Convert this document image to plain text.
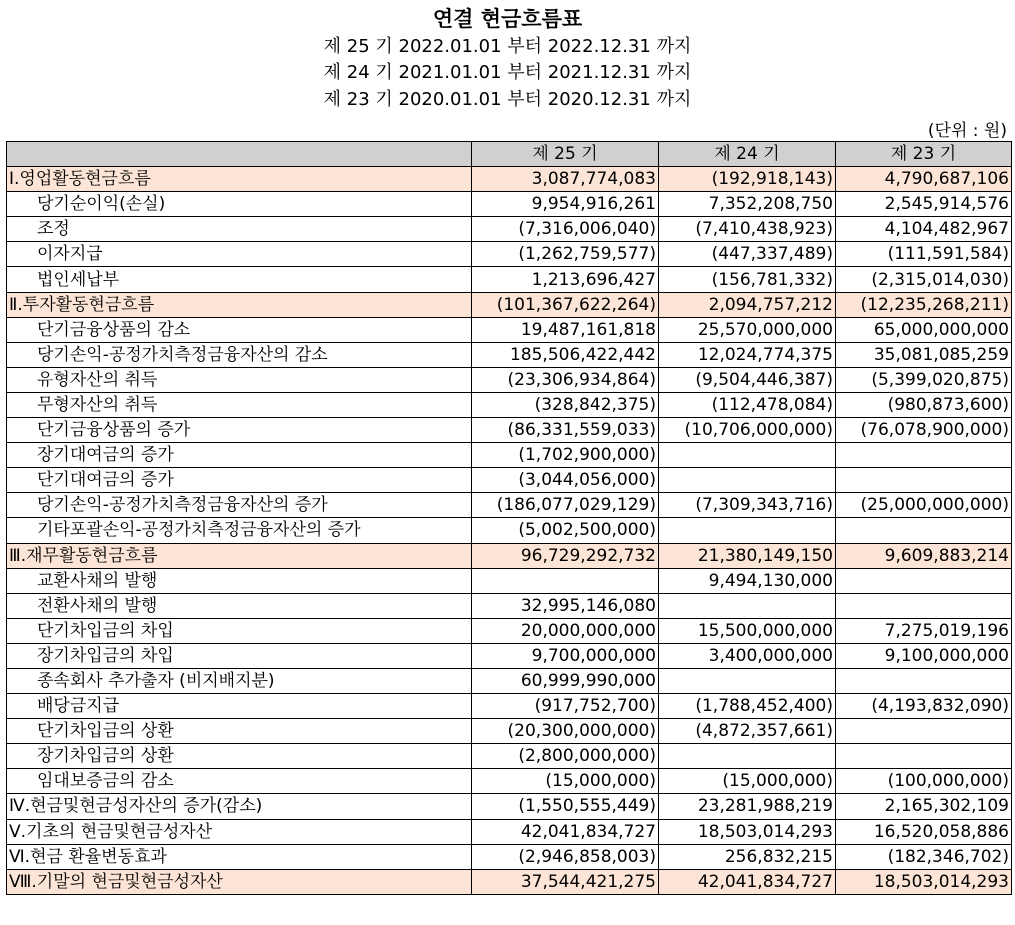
연결 현금흐름표
제 25 기 2022.01.01 부터 2022.12.31 까지
제 24 기 2021.01.01 부터 2021.12.31 까지
제 23 기 2020.01.01 부터 2020.12.31 까지
(단위 : 원)
	제 25 기	제 24 기	제 23 기
Ⅰ.영업활동현금흐름	3,087,774,083	(192,918,143)	4,790,687,106
당기순이익(손실)	9,954,916,261	7,352,208,750	2,545,914,576
조정	(7,316,006,040)	(7,410,438,923)	4,104,482,967
이자지급	(1,262,759,577)	(447,337,489)	(111,591,584)
법인세납부	1,213,696,427	(156,781,332)	(2,315,014,030)
Ⅱ.투자활동현금흐름	(101,367,622,264)	2,094,757,212	(12,235,268,211)
단기금융상품의 감소	19,487,161,818	25,570,000,000	65,000,000,000
당기손익-공정가치측정금융자산의 감소	185,506,422,442	12,024,774,375	35,081,085,259
유형자산의 취득	(23,306,934,864)	(9,504,446,387)	(5,399,020,875)
무형자산의 취득	(328,842,375)	(112,478,084)	(980,873,600)
단기금융상품의 증가	(86,331,559,033)	(10,706,000,000)	(76,078,900,000)
장기대여금의 증가	(1,702,900,000)		
단기대여금의 증가	(3,044,056,000)		
당기손익-공정가치측정금융자산의 증가	(186,077,029,129)	(7,309,343,716)	(25,000,000,000)
기타포괄손익-공정가치측정금융자산의 증가	(5,002,500,000)		
Ⅲ.재무활동현금흐름	96,729,292,732	21,380,149,150	9,609,883,214
교환사채의 발행		9,494,130,000	
전환사채의 발행	32,995,146,080		
단기차입금의 차입	20,000,000,000	15,500,000,000	7,275,019,196
장기차입금의 차입	9,700,000,000	3,400,000,000	9,100,000,000
종속회사 추가출자 (비지배지분)	60,999,990,000		
배당금지급	(917,752,700)	(1,788,452,400)	(4,193,832,090)
단기차입금의 상환	(20,300,000,000)	(4,872,357,661)	
장기차입금의 상환	(2,800,000,000)		
임대보증금의 감소	(15,000,000)	(15,000,000)	(100,000,000)
Ⅳ.현금및현금성자산의 증가(감소)	(1,550,555,449)	23,281,988,219	2,165,302,109
Ⅴ.기초의 현금및현금성자산	42,041,834,727	18,503,014,293	16,520,058,886
Ⅵ.현금 환율변동효과	(2,946,858,003)	256,832,215	(182,346,702)
Ⅷ.기말의 현금및현금성자산	37,544,421,275	42,041,834,727	18,503,014,293
